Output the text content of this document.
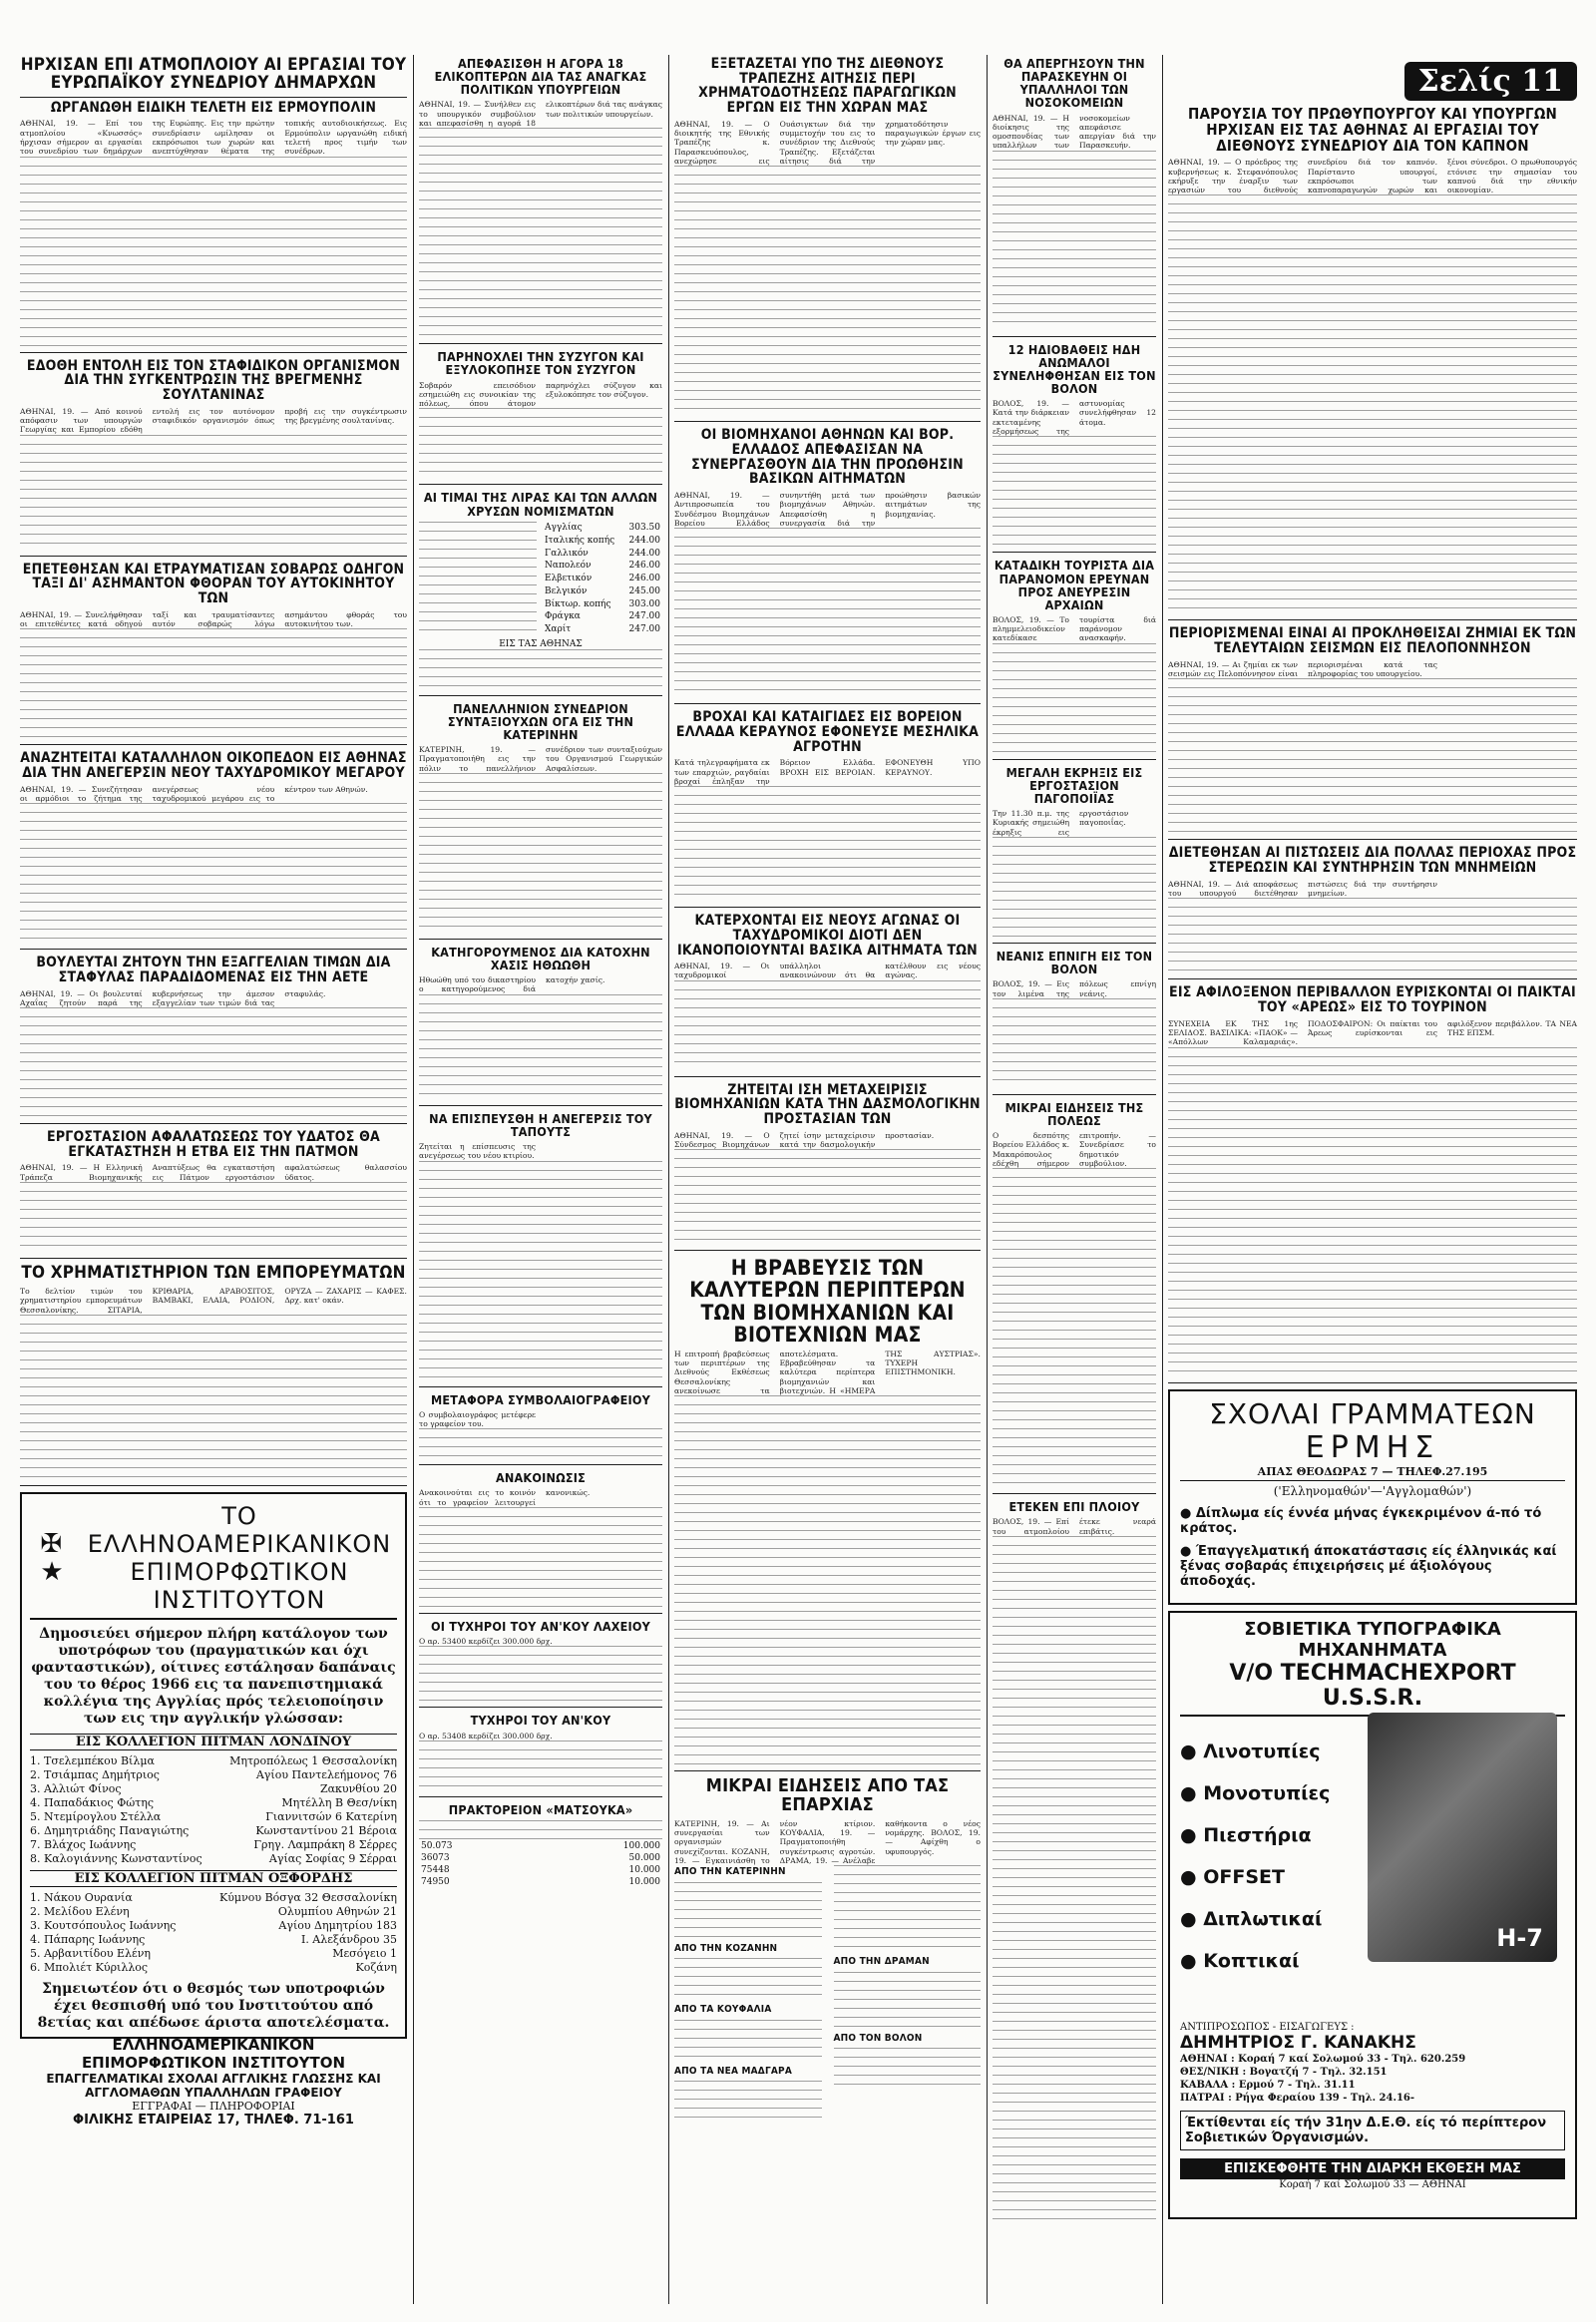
ΗΡΧΙΣΑΝ ΕΠΙ ΑΤΜΟΠΛΟΙΟΥ ΑΙ ΕΡΓΑΣΙΑΙ ΤΟΥ ΕΥΡΩΠΑΪΚΟΥ ΣΥΝΕΔΡΙΟΥ ΔΗΜΑΡΧΩΝ
ΩΡΓΑΝΩΘΗ ΕΙΔΙΚΗ ΤΕΛΕΤΗ ΕΙΣ ΕΡΜΟΥΠΟΛΙΝ

ΑΘΗΝΑΙ, 19. — Επί του ατμοπλοίου «Κνωσσός» ήρχισαν σήμερον αι εργασίαι του συνεδρίου των δημάρχων της Ευρώπης. Εις την πρώτην συνεδρίασιν ωμίλησαν οι εκπρόσωποι των χωρών και ανεπτύχθησαν θέματα της τοπικής αυτοδιοικήσεως. Εις Ερμούπολιν ωργανώθη ειδική τελετή προς τιμήν των συνέδρων.

ΕΔΟΘΗ ΕΝΤΟΛΗ ΕΙΣ ΤΟΝ ΣΤΑΦΙΔΙΚΟΝ ΟΡΓΑΝΙΣΜΟΝ ΔΙΑ ΤΗΝ ΣΥΓΚΕΝΤΡΩΣΙΝ ΤΗΣ ΒΡΕΓΜΕΝΗΣ ΣΟΥΛΤΑΝΙΝΑΣ

ΑΘΗΝΑΙ, 19. — Από κοινού απόφασιν των υπουργών Γεωργίας και Εμπορίου εδόθη εντολή εις τον αυτόνομον σταφιδικόν οργανισμόν όπως προβή εις την συγκέντρωσιν της βρεγμένης σουλτανίνας.

ΕΠΕΤΕΘΗΣΑΝ ΚΑΙ ΕΤΡΑΥΜΑΤΙΣΑΝ ΣΟΒΑΡΩΣ ΟΔΗΓΟΝ ΤΑΞΙ ΔΙ' ΑΣΗΜΑΝΤΟΝ ΦΘΟΡΑΝ ΤΟΥ ΑΥΤΟΚΙΝΗΤΟΥ ΤΩΝ

ΑΘΗΝΑΙ, 19. — Συνελήφθησαν οι επιτεθέντες κατά οδηγού ταξί και τραυματίσαντες αυτόν σοβαρώς λόγω ασημάντου φθοράς του αυτοκινήτου των.

ΑΝΑΖΗΤΕΙΤΑΙ ΚΑΤΑΛΛΗΛΟΝ ΟΙΚΟΠΕΔΟΝ ΕΙΣ ΑΘΗΝΑΣ ΔΙΑ ΤΗΝ ΑΝΕΓΕΡΣΙΝ ΝΕΟΥ ΤΑΧΥΔΡΟΜΙΚΟΥ ΜΕΓΑΡΟΥ

ΑΘΗΝΑΙ, 19. — Συνεζήτησαν οι αρμόδιοι το ζήτημα της ανεγέρσεως νέου ταχυδρομικού μεγάρου εις το κέντρον των Αθηνών.

ΒΟΥΛΕΥΤΑΙ ΖΗΤΟΥΝ ΤΗΝ ΕΞΑΓΓΕΛΙΑΝ ΤΙΜΩΝ ΔΙΑ ΣΤΑΦΥΛΑΣ ΠΑΡΑΔΙΔΟΜΕΝΑΣ ΕΙΣ ΤΗΝ ΑΕΤΕ

ΑΘΗΝΑΙ, 19. — Οι βουλευταί Αχαΐας ζητούν παρά της κυβερνήσεως την άμεσον εξαγγελίαν των τιμών διά τας σταφυλάς.

ΕΡΓΟΣΤΑΣΙΟΝ ΑΦΑΛΑΤΩΣΕΩΣ ΤΟΥ ΥΔΑΤΟΣ ΘΑ ΕΓΚΑΤΑΣΤΗΣΗ Η ΕΤΒΑ ΕΙΣ ΤΗΝ ΠΑΤΜΟΝ

ΑΘΗΝΑΙ, 19. — Η Ελληνική Τράπεζα Βιομηχανικής Αναπτύξεως θα εγκαταστήση εις Πάτμον εργοστάσιον αφαλατώσεως θαλασσίου ύδατος.

ΤΟ ΧΡΗΜΑΤΙΣΤΗΡΙΟΝ ΤΩΝ ΕΜΠΟΡΕΥΜΑΤΩΝ

Το δελτίον τιμών του χρηματιστηρίου εμπορευμάτων Θεσσαλονίκης. ΣΙΤΑΡΙΑ, ΚΡΙΘΑΡΙΑ, ΑΡΑΒΟΣΙΤΟΣ, ΒΑΜΒΑΚΙ, ΕΛΑΙΑ, ΡΟΔΙΟΝ, ΟΡΥΖΑ — ΖΑΧΑΡΙΣ — ΚΑΦΕΣ. Δρχ. κατ' οκάν.

✠
★
ΤΟ ΕΛΛΗΝΟΑΜΕΡΙΚΑΝΙΚΟΝ
ΕΠΙΜΟΡΦΩΤΙΚΟΝ ΙΝΣΤΙΤΟΥΤΟΝ

Δημοσιεύει σήμερον πλήρη κατάλογον των υποτρόφων του (πραγματικών και όχι φανταστικών), οίτινες εστάλησαν δαπάναις του το θέρος 1966 εις τα πανεπιστημιακά κολλέγια της Αγγλίας πρός τελειοποίησιν των εις την αγγλικήν γλώσσαν:

ΕΙΣ ΚΟΛΛΕΓΙΟΝ ΠΙΤΜΑΝ ΛΟΝΔΙΝΟΥ
1. Τσελεμπέκου Βίλμα	Μητροπόλεως 1 Θεσσαλονίκη
2. Τσιάμπας Δημήτριος	Αγίου Παντελεήμονος 76
3. Αλλιώτ Φίνος	Ζακυνθίου 20
4. Παπαδάκιος Φώτης	Μητέλλη Β Θεσ/νίκη
5. Ντεμίρογλου Στέλλα	Γιαννιτσών 6 Κατερίνη
6. Δημητριάδης Παναγιώτης	Κωνσταντίνου 21 Βέροια
7. Βλάχος Ιωάννης	Γρηγ. Λαμπράκη 8 Σέρρες
8. Καλογιάννης Κωνσταντίνος	Αγίας Σοφίας 9 Σέρραι
ΕΙΣ ΚΟΛΛΕΓΙΟΝ ΠΙΤΜΑΝ ΟΞΦΟΡΔΗΣ
1. Νάκου Ουρανία	Κύμνου Βόσγα 32 Θεσσαλονίκη
2. Μελίδου Ελένη	Ολυμπίου Αθηνών 21
3. Κουτσόπουλος Ιωάννης	Αγίου Δημητρίου 183
4. Πάπαρης Ιωάννης	Ι. Αλεξάνδρου 35
5. Αρβανιτίδου Ελένη	Μεσόγειο 1
6. Μπολιέτ Κύριλλος	Κοζάνη

Σημειωτέον ότι ο θεσμός των υποτροφιών έχει θεσπισθή υπό του Ινστιτούτου από 8ετίας και απέδωσε άριστα αποτελέσματα.

ΕΛΛΗΝΟΑΜΕΡΙΚΑΝΙΚΟΝ
ΕΠΙΜΟΡΦΩΤΙΚΟΝ ΙΝΣΤΙΤΟΥΤΟΝ
ΕΠΑΓΓΕΛΜΑΤΙΚΑΙ ΣΧΟΛΑΙ ΑΓΓΛΙΚΗΣ ΓΛΩΣΣΗΣ ΚΑΙ ΑΓΓΛΟΜΑΘΩΝ ΥΠΑΛΛΗΛΩΝ ΓΡΑΦΕΙΟΥ
ΕΓΓΡΑΦΑΙ — ΠΛΗΡΟΦΟΡΙΑΙ
ΦΙΛΙΚΗΣ ΕΤΑΙΡΕΙΑΣ 17, ΤΗΛΕΦ. 71-161
ΑΠΕΦΑΣΙΣΘΗ Η ΑΓΟΡΑ 18 ΕΛΙΚΟΠΤΕΡΩΝ ΔΙΑ ΤΑΣ ΑΝΑΓΚΑΣ ΠΟΛΙΤΙΚΩΝ ΥΠΟΥΡΓΕΙΩΝ

ΑΘΗΝΑΙ, 19. — Συνήλθεν εις το υπουργικόν συμβούλιον και απεφασίσθη η αγορά 18 ελικοπτέρων διά τας ανάγκας των πολιτικών υπουργείων.

ΠΑΡΗΝΟΧΛΕΙ ΤΗΝ ΣΥΖΥΓΟΝ ΚΑΙ ΕΞΥΛΟΚΟΠΗΣΕ ΤΟΝ ΣΥΖΥΓΟΝ

Σοβαρόν επεισόδιον εσημειώθη εις συνοικίαν της πόλεως, όπου άτομον παρηνόχλει σύζυγον και εξυλοκόπησε τον σύζυγον.

ΑΙ ΤΙΜΑΙ ΤΗΣ ΛΙΡΑΣ ΚΑΙ ΤΩΝ ΑΛΛΩΝ ΧΡΥΣΩΝ ΝΟΜΙΣΜΑΤΩΝ
Αγγλίας	303.50
Ιταλικής κοπής	244.00
Γαλλικόν	244.00
Ναπολεόν	246.00
Ελβετικόν	246.00
Βελγικόν	245.00
Βίκτωρ. κοπής	303.00
Φράγκα	247.00
Χαρίτ	247.00
ΕΙΣ ΤΑΣ ΑΘΗΝΑΣ
ΠΑΝΕΛΛΗΝΙΟΝ ΣΥΝΕΔΡΙΟΝ ΣΥΝΤΑΞΙΟΥΧΩΝ ΟΓΑ ΕΙΣ ΤΗΝ ΚΑΤΕΡΙΝΗΝ

ΚΑΤΕΡΙΝΗ, 19. — Πραγματοποιήθη εις την πόλιν το πανελλήνιον συνέδριον των συνταξιούχων του Οργανισμού Γεωργικών Ασφαλίσεων.

ΚΑΤΗΓΟΡΟΥΜΕΝΟΣ ΔΙΑ ΚΑΤΟΧΗΝ ΧΑΣΙΣ ΗΘΩΩΘΗ

Ηθωώθη υπό του δικαστηρίου ο κατηγορούμενος διά κατοχήν χασίς.

ΝΑ ΕΠΙΣΠΕΥΣΘΗ Η ΑΝΕΓΕΡΣΙΣ ΤΟΥ ΤΑΠΟΥΤΣ

Ζητείται η επίσπευσις της ανεγέρσεως του νέου κτιρίου.

ΜΕΤΑΦΟΡΑ ΣΥΜΒΟΛΑΙΟΓΡΑΦΕΙΟΥ

Ο συμβολαιογράφος μετέφερε το γραφείον του.

ΑΝΑΚΟΙΝΩΣΙΣ

Ανακοινούται εις το κοινόν ότι το γραφείον λειτουργεί κανονικώς.

ΟΙ ΤΥΧΗΡΟΙ ΤΟΥ ΑΝ'ΚΟΥ ΛΑΧΕΙΟΥ

Ο αρ. 53400 κερδίζει 300.000 δρχ.

ΤΥΧΗΡΟΙ ΤΟΥ ΑΝ'ΚΟΥ

Ο αρ. 53408 κερδίζει 300.000 δρχ.

ΠΡΑΚΤΟΡΕΙΟΝ «ΜΑΤΣΟΥΚΑ»
50.073	100.000
36073	50.000
75448	10.000
74950	10.000
ΕΞΕΤΑΖΕΤΑΙ ΥΠΟ ΤΗΣ ΔΙΕΘΝΟΥΣ ΤΡΑΠΕΖΗΣ ΑΙΤΗΣΙΣ ΠΕΡΙ ΧΡΗΜΑΤΟΔΟΤΗΣΕΩΣ ΠΑΡΑΓΩΓΙΚΩΝ ΕΡΓΩΝ ΕΙΣ ΤΗΝ ΧΩΡΑΝ ΜΑΣ

ΑΘΗΝΑΙ, 19. — Ο διοικητής της Εθνικής Τραπέζης κ. Παρασκευόπουλος, ανεχώρησε εις Ουάσιγκτων διά την συμμετοχήν του εις το συνέδριον της Διεθνούς Τραπέζης. Εξετάζεται αίτησις διά την χρηματοδότησιν παραγωγικών έργων εις την χώραν μας.

ΟΙ ΒΙΟΜΗΧΑΝΟΙ ΑΘΗΝΩΝ ΚΑΙ ΒΟΡ. ΕΛΛΑΔΟΣ ΑΠΕΦΑΣΙΣΑΝ ΝΑ ΣΥΝΕΡΓΑΣΘΟΥΝ ΔΙΑ ΤΗΝ ΠΡΟΩΘΗΣΙΝ ΒΑΣΙΚΩΝ ΑΙΤΗΜΑΤΩΝ

ΑΘΗΝΑΙ, 19. — Αντιπροσωπεία του Συνδέσμου Βιομηχάνων Βορείου Ελλάδος συνηντήθη μετά των βιομηχάνων Αθηνών. Απεφασίσθη η συνεργασία διά την προώθησιν βασικών αιτημάτων της βιομηχανίας.

ΒΡΟΧΑΙ ΚΑΙ ΚΑΤΑΙΓΙΔΕΣ ΕΙΣ ΒΟΡΕΙΟΝ ΕΛΛΑΔΑ ΚΕΡΑΥΝΟΣ ΕΦΟΝΕΥΣΕ ΜΕΣΗΛΙΚΑ ΑΓΡΟΤΗΝ

Κατά τηλεγραφήματα εκ των επαρχιών, ραγδαίαι βροχαί έπληξαν την Βόρειον Ελλάδα. ΒΡΟΧΗ ΕΙΣ ΒΕΡΟΙΑΝ. ΕΦΟΝΕΥΘΗ ΥΠΟ ΚΕΡΑΥΝΟΥ.

ΚΑΤΕΡΧΟΝΤΑΙ ΕΙΣ ΝΕΟΥΣ ΑΓΩΝΑΣ ΟΙ ΤΑΧΥΔΡΟΜΙΚΟΙ ΔΙΟΤΙ ΔΕΝ ΙΚΑΝΟΠΟΙΟΥΝΤΑΙ ΒΑΣΙΚΑ ΑΙΤΗΜΑΤΑ ΤΩΝ

ΑΘΗΝΑΙ, 19. — Οι ταχυδρομικοί υπάλληλοι ανακοινώνουν ότι θα κατέλθουν εις νέους αγώνας.

ΖΗΤΕΙΤΑΙ ΙΣΗ ΜΕΤΑΧΕΙΡΙΣΙΣ ΒΙΟΜΗΧΑΝΙΩΝ ΚΑΤΑ ΤΗΝ ΔΑΣΜΟΛΟΓΙΚΗΝ ΠΡΟΣΤΑΣΙΑΝ ΤΩΝ

ΑΘΗΝΑΙ, 19. — Ο Σύνδεσμος Βιομηχάνων ζητεί ίσην μεταχείρισιν κατά την δασμολογικήν προστασίαν.

Η ΒΡΑΒΕΥΣΙΣ ΤΩΝ ΚΑΛΥΤΕΡΩΝ ΠΕΡΙΠΤΕΡΩΝ ΤΩΝ ΒΙΟΜΗΧΑΝΙΩΝ ΚΑΙ ΒΙΟΤΕΧΝΙΩΝ ΜΑΣ

Η επιτροπή βραβεύσεως των περιπτέρων της Διεθνούς Εκθέσεως Θεσσαλονίκης ανεκοίνωσε τα αποτελέσματα. Εβραβεύθησαν τα καλύτερα περίπτερα βιομηχανιών και βιοτεχνιών. Η «ΗΜΕΡΑ ΤΗΣ ΑΥΣΤΡΙΑΣ». ΤΥΧΕΡΗ ΕΠΙΣΤΗΜΟΝΙΚΗ.

ΜΙΚΡΑΙ ΕΙΔΗΣΕΙΣ ΑΠΟ ΤΑΣ ΕΠΑΡΧΙΑΣ

ΚΑΤΕΡΙΝΗ, 19. — Αι συνεργασίαι των οργανισμών συνεχίζονται. ΚΟΖΑΝΗ, 19. — Εγκαινιάσθη το νέον κτίριον. ΚΟΥΦΑΛΙΑ, 19. — Πραγματοποιήθη συγκέντρωσις αγροτών. ΔΡΑΜΑ, 19. — Ανέλαβε καθήκοντα ο νέος νομάρχης. ΒΟΛΟΣ, 19. — Αφίχθη ο υφυπουργός.

ΑΠΟ ΤΗΝ ΚΑΤΕΡΙΝΗΝ
ΑΠΟ ΤΗΝ ΚΟΖΑΝΗΝ
ΑΠΟ ΤΑ ΚΟΥΦΑΛΙΑ
ΑΠΟ ΤΑ ΝΕΑ ΜΑΔΓΑΡΑ
ΑΠΟ ΤΗΝ ΔΡΑΜΑΝ
ΑΠΟ ΤΟΝ ΒΟΛΟΝ
ΘΑ ΑΠΕΡΓΗΣΟΥΝ ΤΗΝ ΠΑΡΑΣΚΕΥΗΝ ΟΙ ΥΠΑΛΛΗΛΟΙ ΤΩΝ ΝΟΣΟΚΟΜΕΙΩΝ

ΑΘΗΝΑΙ, 19. — Η διοίκησις της ομοσπονδίας των υπαλλήλων των νοσοκομείων απεφάσισε απεργίαν διά την Παρασκευήν.

12 ΗΔΙΟΒΑΘΕΙΣ ΗΔΗ ΑΝΩΜΑΛΟΙ ΣΥΝΕΛΗΦΘΗΣΑΝ ΕΙΣ ΤΟΝ ΒΟΛΟΝ

ΒΟΛΟΣ, 19. — Κατά την διάρκειαν εκτεταμένης εξορμήσεως της αστυνομίας συνελήφθησαν 12 άτομα.

ΚΑΤΑΔΙΚΗ ΤΟΥΡΙΣΤΑ ΔΙΑ ΠΑΡΑΝΟΜΟΝ ΕΡΕΥΝΑΝ ΠΡΟΣ ΑΝΕΥΡΕΣΙΝ ΑΡΧΑΙΩΝ

ΒΟΛΟΣ, 19. — Το πλημμελειοδικείον κατεδίκασε τουρίστα διά παράνομον ανασκαφήν.

ΜΕΓΑΛΗ ΕΚΡΗΞΙΣ ΕΙΣ ΕΡΓΟΣΤΑΣΙΟΝ ΠΑΓΟΠΟΙΪΑΣ

Την 11.30 π.μ. της Κυριακής σημειώθη έκρηξις εις εργοστάσιον παγοποιΐας.

ΝΕΑΝΙΣ ΕΠΝΙΓΗ ΕΙΣ ΤΟΝ ΒΟΛΟΝ

ΒΟΛΟΣ, 19. — Εις τον λιμένα της πόλεως επνίγη νεάνις.

ΜΙΚΡΑΙ ΕΙΔΗΣΕΙΣ ΤΗΣ ΠΟΛΕΩΣ

Ο δεσπότης Βορείου Ελλάδος κ. Μακαρόπουλος εδέχθη σήμερον επιτροπήν. — Συνεδρίασε το δημοτικόν συμβούλιον.

ΕΤΕΚΕΝ ΕΠΙ ΠΛΟΙΟΥ

ΒΟΛΟΣ, 19. — Επί του ατμοπλοίου έτεκε νεαρά επιβάτις.

Σελίς 11
ΠΑΡΟΥΣΙΑ ΤΟΥ ΠΡΩΘΥΠΟΥΡΓΟΥ ΚΑΙ ΥΠΟΥΡΓΩΝ ΗΡΧΙΣΑΝ ΕΙΣ ΤΑΣ ΑΘΗΝΑΣ ΑΙ ΕΡΓΑΣΙΑΙ ΤΟΥ ΔΙΕΘΝΟΥΣ ΣΥΝΕΔΡΙΟΥ ΔΙΑ ΤΟΝ ΚΑΠΝΟΝ

ΑΘΗΝΑΙ, 19. — Ο πρόεδρος της κυβερνήσεως κ. Στεφανόπουλος εκήρυξε την έναρξιν των εργασιών του διεθνούς συνεδρίου διά τον καπνόν. Παρίσταντο υπουργοί, εκπρόσωποι των καπνοπαραγωγών χωρών και ξένοι σύνεδροι. Ο πρωθυπουργός ετόνισε την σημασίαν του καπνού διά την εθνικήν οικονομίαν.

ΠΕΡΙΟΡΙΣΜΕΝΑΙ ΕΙΝΑΙ ΑΙ ΠΡΟΚΛΗΘΕΙΣΑΙ ΖΗΜΙΑΙ ΕΚ ΤΩΝ ΤΕΛΕΥΤΑΙΩΝ ΣΕΙΣΜΩΝ ΕΙΣ ΠΕΛΟΠΟΝΝΗΣΟΝ

ΑΘΗΝΑΙ, 19. — Αι ζημίαι εκ των σεισμών εις Πελοπόννησον είναι περιορισμέναι κατά τας πληροφορίας του υπουργείου.

ΔΙΕΤΕΘΗΣΑΝ ΑΙ ΠΙΣΤΩΣΕΙΣ ΔΙΑ ΠΟΛΛΑΣ ΠΕΡΙΟΧΑΣ ΠΡΟΣ ΣΤΕΡΕΩΣΙΝ ΚΑΙ ΣΥΝΤΗΡΗΣΙΝ ΤΩΝ ΜΝΗΜΕΙΩΝ

ΑΘΗΝΑΙ, 19. — Διά αποφάσεως του υπουργού διετέθησαν πιστώσεις διά την συντήρησιν μνημείων.

ΕΙΣ ΑΦΙΛΟΞΕΝΟΝ ΠΕΡΙΒΑΛΛΟΝ ΕΥΡΙΣΚΟΝΤΑΙ ΟΙ ΠΑΙΚΤΑΙ ΤΟΥ «ΑΡΕΩΣ» ΕΙΣ ΤΟ ΤΟΥΡΙΝΟΝ

ΣΥΝΕΧΕΙΑ ΕΚ ΤΗΣ 1ης ΣΕΛΙΔΟΣ. ΒΑΣΙΛΙΚΑ: «ΠΑΟΚ» — «Απόλλων Καλαμαριάς». ΠΟΔΟΣΦΑΙΡΟΝ: Οι παίκται του Άρεως ευρίσκονται εις αφιλόξενον περιβάλλον. ΤΑ ΝΕΑ ΤΗΣ ΕΠΣΜ.

ΣΧΟΛΑΙ ΓΡΑΜΜΑΤΕΩΝ
ΕΡΜΗΣ
ΑΠΑΣ ΘΕΟΔΩΡΑΣ 7 — ΤΗΛΕΦ.27.195
('Ελληνομαθών'—'Αγγλομαθών')
● Δίπλωμα είς έννέα μήνας έγκεκριμένον ά-πό τό κράτος.
● Έπαγγελματική άποκατάστασις είς έλληνικάς καί ξένας σοβαράς έπιχειρήσεις μέ άξιολόγους άποδοχάς.
ΣΟΒΙΕΤΙΚΑ ΤΥΠΟΓΡΑΦΙΚΑ ΜΗΧΑΝΗΜΑΤΑ
V/O TECHMACHEXPORT U.S.S.R.
Η-7
● Λινοτυπίες
● Μονοτυπίες
● Πιεστήρια
● OFFSET
● Διπλωτικαί
● Κοπτικαί
ΑΝΤΙΠΡΟΣΩΠΟΣ - ΕΙΣΑΓΩΓΕΥΣ :
ΔΗΜΗΤΡΙΟΣ Γ. ΚΑΝΑΚΗΣ
ΑΘΗΝΑΙ : Κοραή 7 καί Σολωμού 33 - Τηλ. 620.259
ΘΕΣ/ΝΙΚΗ : Βογατζή 7 - Τηλ. 32.151
ΚΑΒΑΛΑ : Ερμού 7 - Τηλ. 31.11
ΠΑΤΡΑΙ : Ρήγα Φεραίου 139 - Τηλ. 24.16-
Έκτίθενται είς τήν 31ην Δ.Ε.Θ. είς τό περίπτερον Σοβιετικών Όργανισμών.
ΕΠΙΣΚΕΦΘΗΤΕ ΤΗΝ ΔΙΑΡΚΗ ΕΚΘΕΣΗ ΜΑΣ
Κοραή 7 καί Σολωμού 33 — ΑΘΗΝΑΙ
